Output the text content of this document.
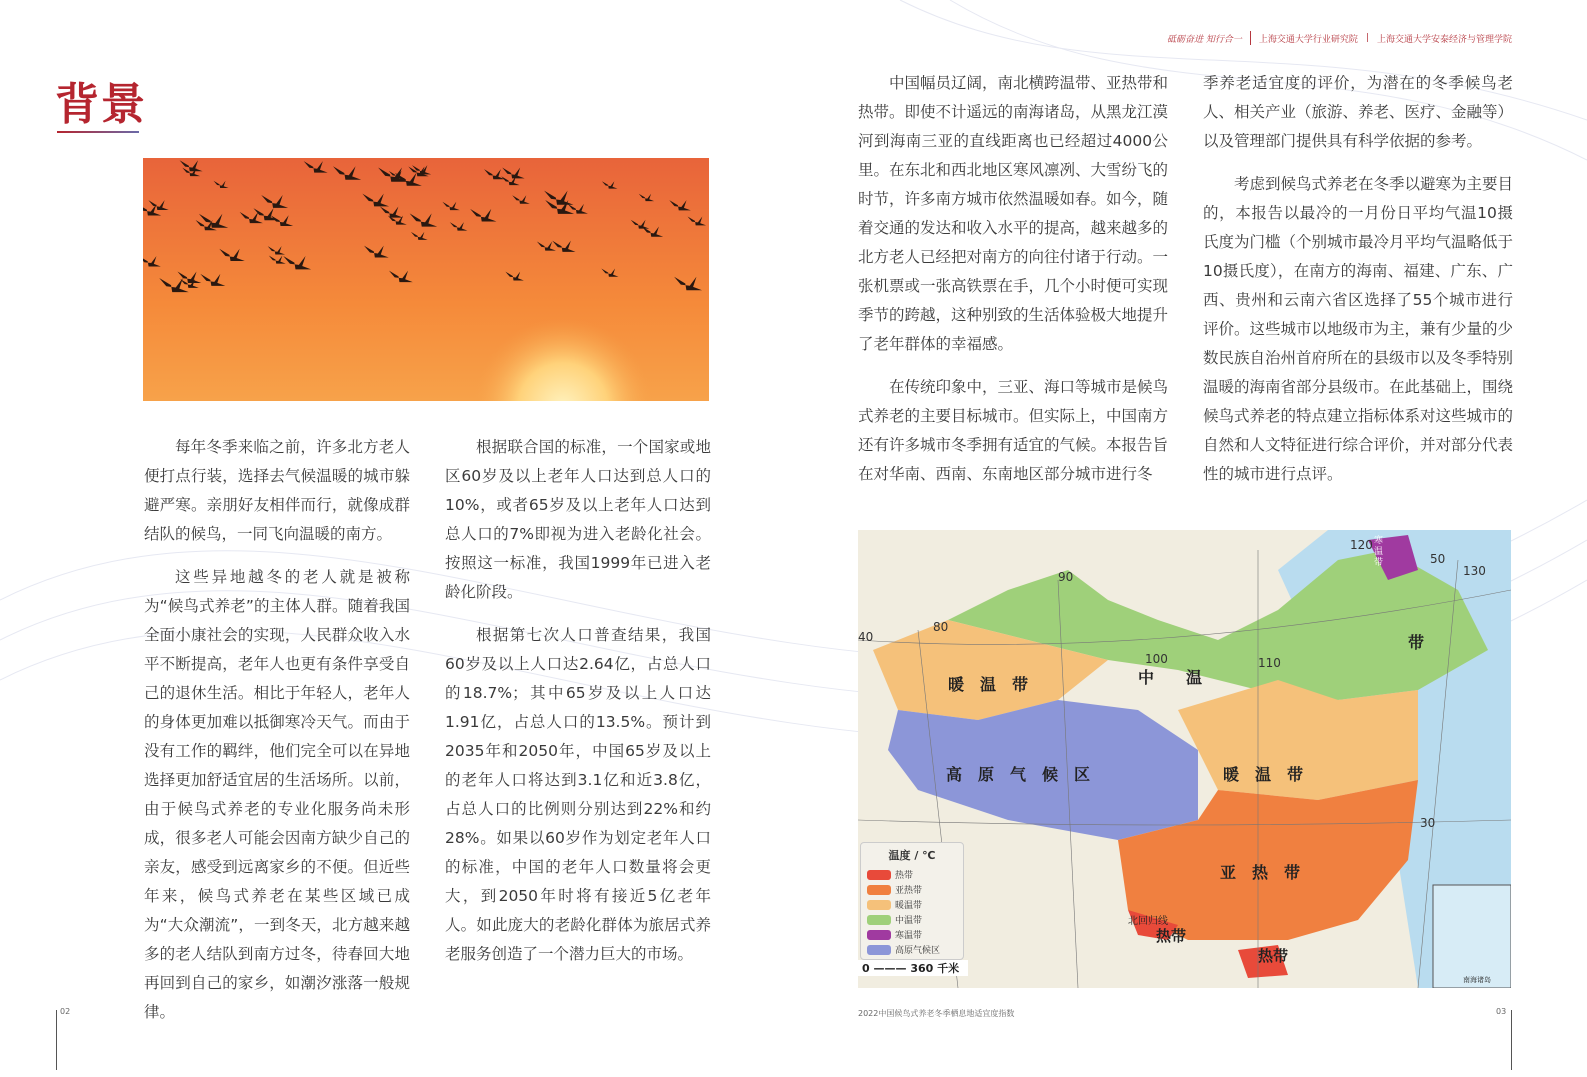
砥砺奋进 知行合一 上海交通大学行业研究院 | 上海交通大学安泰经济与管理学院
背景

每年冬季来临之前，许多北方老人便打点行装，选择去气候温暖的城市躲避严寒。亲朋好友相伴而行，就像成群结队的候鸟，一同飞向温暖的南方。

这些异地越冬的老人就是被称为“候鸟式养老”的主体人群。随着我国全面小康社会的实现，人民群众收入水平不断提高，老年人也更有条件享受自己的退休生活。相比于年轻人，老年人的身体更加难以抵御寒冷天气。而由于没有工作的羁绊，他们完全可以在异地选择更加舒适宜居的生活场所。以前，由于候鸟式养老的专业化服务尚未形成，很多老人可能会因南方缺少自己的亲友，感受到远离家乡的不便。但近些年来，候鸟式养老在某些区域已成为“大众潮流”，一到冬天，北方越来越多的老人结队到南方过冬，待春回大地再回到自己的家乡，如潮汐涨落一般规律。

根据联合国的标准，一个国家或地区60岁及以上老年人口达到总人口的10%，或者65岁及以上老年人口达到总人口的7%即视为进入老龄化社会。按照这一标准，我国1999年已进入老龄化阶段。

根据第七次人口普查结果，我国60岁及以上人口达2.64亿，占总人口的18.7%；其中65岁及以上人口达1.91亿，占总人口的13.5%。预计到2035年和2050年，中国65岁及以上的老年人口将达到3.1亿和近3.8亿，占总人口的比例则分别达到22%和约28%。如果以60岁作为划定老年人口的标准，中国的老年人口数量将会更大，到2050年时将有接近5亿老年人。如此庞大的老龄化群体为旅居式养老服务创造了一个潜力巨大的市场。

中国幅员辽阔，南北横跨温带、亚热带和热带。即使不计遥远的南海诸岛，从黑龙江漠河到海南三亚的直线距离也已经超过4000公里。在东北和西北地区寒风凛冽、大雪纷飞的时节，许多南方城市依然温暖如春。如今，随着交通的发达和收入水平的提高，越来越多的北方老人已经把对南方的向往付诸于行动。一张机票或一张高铁票在手，几个小时便可实现季节的跨越，这种别致的生活体验极大地提升了老年群体的幸福感。

在传统印象中，三亚、海口等城市是候鸟式养老的主要目标城市。但实际上，中国南方还有许多城市冬季拥有适宜的气候。本报告旨在对华南、西南、东南地区部分城市进行冬

季养老适宜度的评价，为潜在的冬季候鸟老人、相关产业（旅游、养老、医疗、金融等）以及管理部门提供具有科学依据的参考。

考虑到候鸟式养老在冬季以避寒为主要目的，本报告以最冷的一月份日平均气温10摄氏度为门槛（个别城市最冷月平均气温略低于10摄氏度），在南方的海南、福建、广东、广西、贵州和云南六省区选择了55个城市进行评价。这些城市以地级市为主，兼有少量的少数民族自治州首府所在的县级市以及冬季特别温暖的海南省部分县级市。在此基础上，围绕候鸟式养老的特点建立指标体系对这些城市的自然和人文特征进行综合评价，并对部分代表性的城市进行点评。

暖　温　带
高　原　气　候　区
中　　温
带
暖　温　带
亚　热　带
热带
热带
寒温带
北回归线
南海诸岛
40
80
90
100	110
120
130
50
30
温度 / ℃
热带
亚热带
暖温带
中温带
寒温带
高原气候区
0 ——— 360 千米
02	2022中国候鸟式养老冬季栖息地适宜度指数	03
